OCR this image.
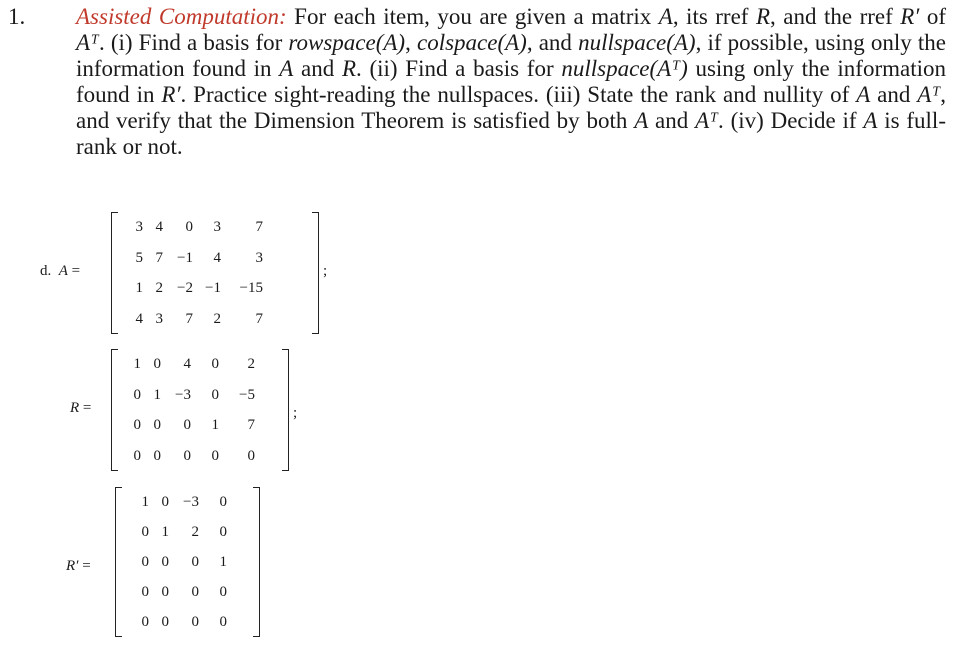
1. Assisted Computation: For each item, you are given a matrix A, its rref R, and the rref R′ of Aᵀ. (i) Find a basis for rowspace(A), colspace(A), and nullspace(A), if possible, using only the information found in A and R. (ii) Find a basis for nullspace(Aᵀ) using only the information found in R′. Practice sight-reading the nullspaces. (iii) State the rank and nullity of A and Aᵀ, and verify that the Dimension Theorem is satisfied by both A and Aᵀ. (iv) Decide if A is full-rank or not.
d. A =
3	4	0	3	7
5	7	−1	4	3
1	2	−2	−1	−15
4	3	7	2	7
;
R =
1	0	4	0	2
0	1	−3	0	−5
0	0	0	1	7
0	0	0	0	0
;
R′ =
1	0	−3	0
0	1	2	0
0	0	0	1
0	0	0	0
0	0	0	0
